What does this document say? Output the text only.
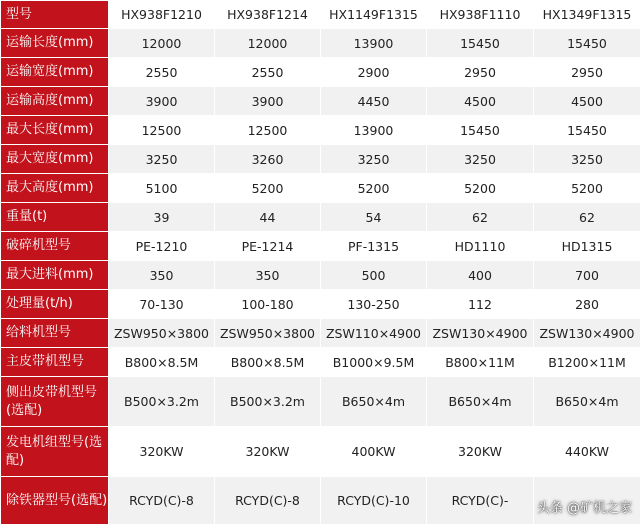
型号	HX938F1210	HX938F1214	HX1149F1315	HX938F1110	HX1349F1315
运输长度(mm)	12000	12000	13900	15450	15450
运输宽度(mm)	2550	2550	2900	2950	2950
运输高度(mm)	3900	3900	4450	4500	4500
最大长度(mm)	12500	12500	13900	15450	15450
最大宽度(mm)	3250	3260	3250	3250	3250
最大高度(mm)	5100	5200	5200	5200	5200
重量(t)	39	44	54	62	62
破碎机型号	PE-1210	PE-1214	PF-1315	HD1110	HD1315
最大进料(mm)	350	350	500	400	700
处理量(t/h)	70-130	100-180	130-250	112	280
给料机型号	ZSW950×3800	ZSW950×3800	ZSW110×4900	ZSW130×4900	ZSW130×4900
主皮带机型号	B800×8.5M	B800×8.5M	B1000×9.5M	B800×11M	B1200×11M
侧出皮带机型号(选配)	B500×3.2m	B500×3.2m	B650×4m	B650×4m	B650×4m
发电机组型号(选配)	320KW	320KW	400KW	320KW	440KW
除铁器型号(选配)	RCYD(C)-8	RCYD(C)-8	RCYD(C)-10	RCYD(C)-	
头条 @矿机之家
